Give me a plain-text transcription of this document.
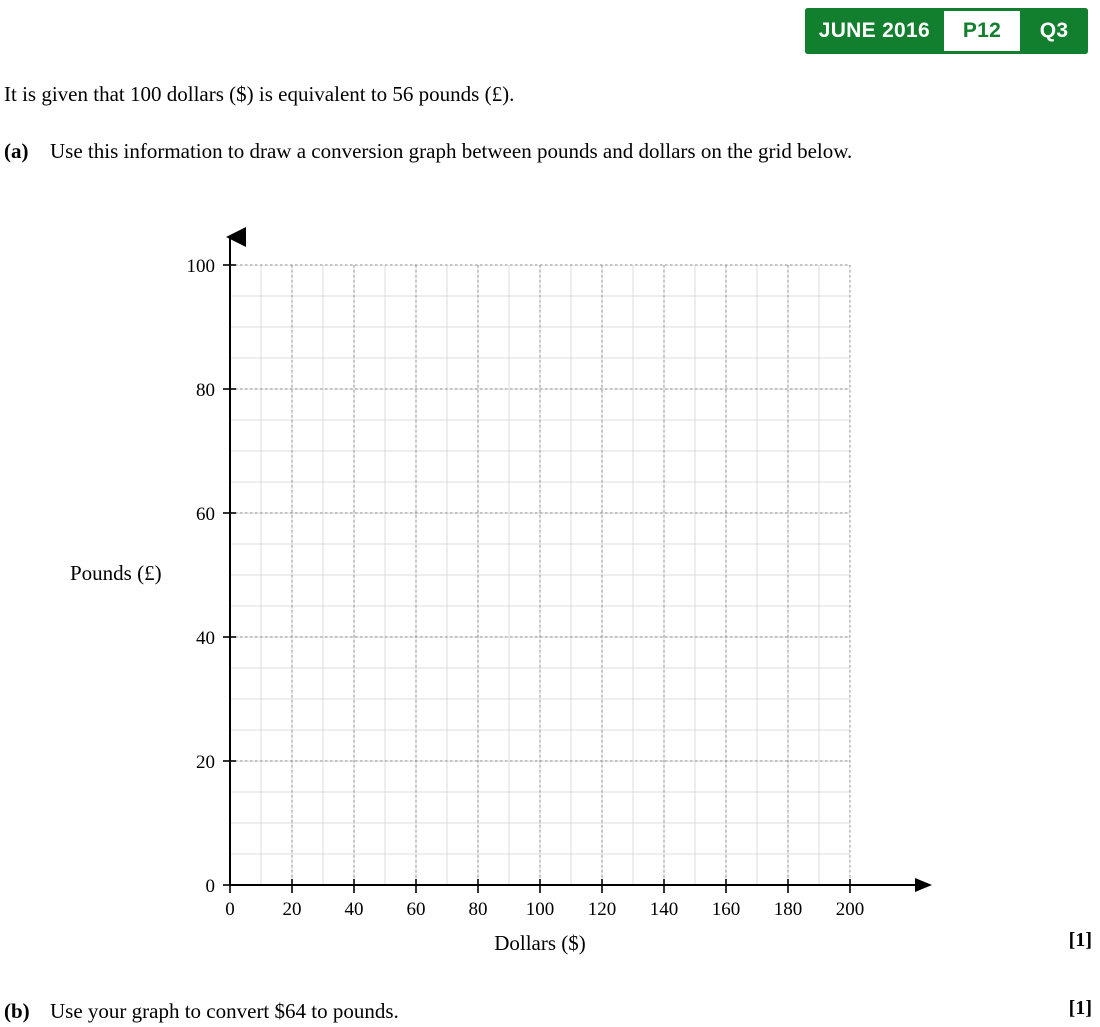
JUNE 2016	P12	Q3
It is given that 100 dollars ($) is equivalent to 56 pounds (£).
(a) Use this information to draw a conversion graph between pounds and dollars on the grid below.
100
80
60
40
20
0
0	20 40 60 80 100 120 140 160 180 200
Pounds (£)
Dollars ($)	[1]
(b) Use your graph to convert $64 to pounds.	[1]
